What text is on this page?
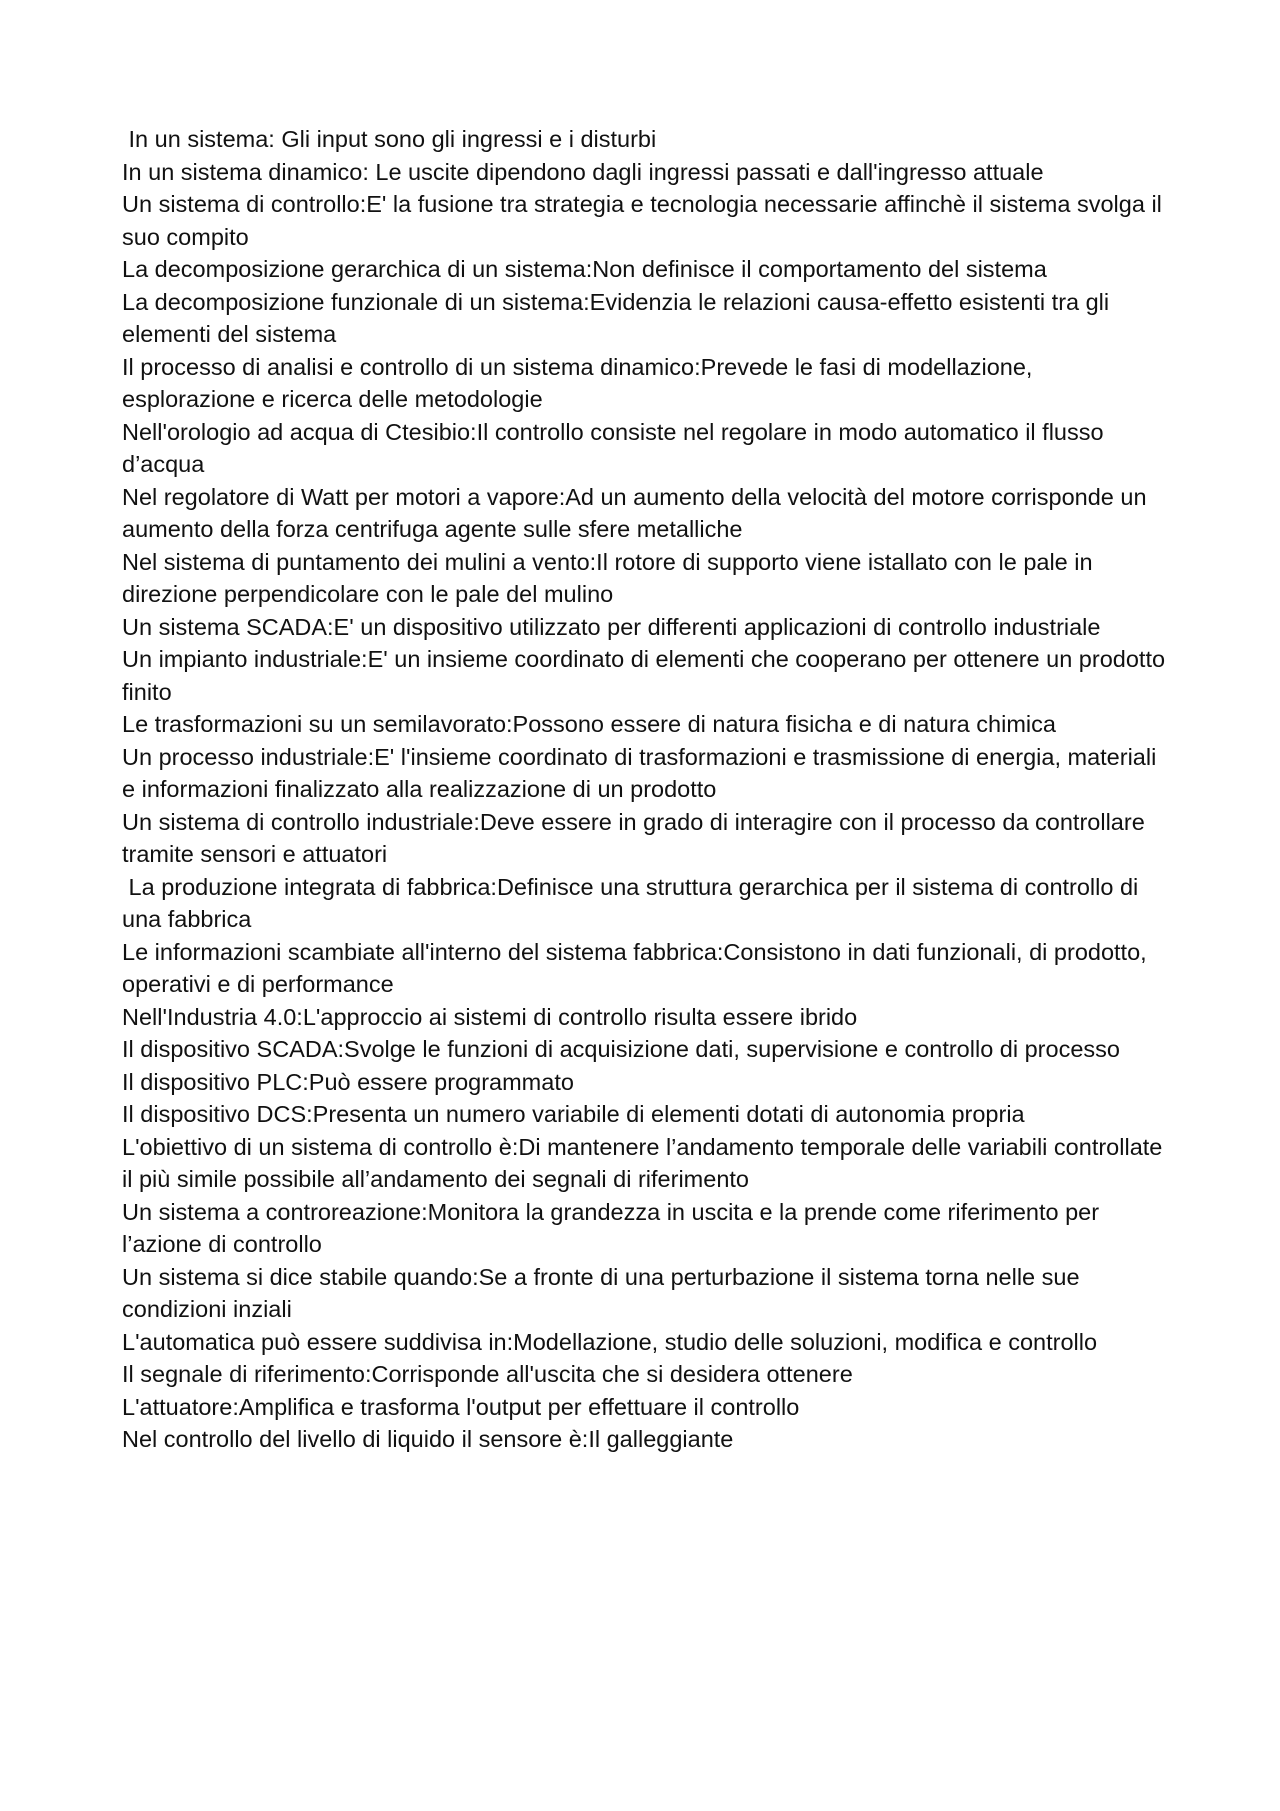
In un sistema: Gli input sono gli ingressi e i disturbi

In un sistema dinamico: Le uscite dipendono dagli ingressi passati e dall'ingresso attuale

Un sistema di controllo:E' la fusione tra strategia e tecnologia necessarie affinchè il sistema svolga il suo compito

La decomposizione gerarchica di un sistema:Non definisce il comportamento del sistema

La decomposizione funzionale di un sistema:Evidenzia le relazioni causa-effetto esistenti tra gli elementi del sistema

Il processo di analisi e controllo di un sistema dinamico:Prevede le fasi di modellazione, esplorazione e ricerca delle metodologie

Nell'orologio ad acqua di Ctesibio:Il controllo consiste nel regolare in modo automatico il flusso d’acqua

Nel regolatore di Watt per motori a vapore:Ad un aumento della velocità del motore corrisponde un aumento della forza centrifuga agente sulle sfere metalliche

Nel sistema di puntamento dei mulini a vento:Il rotore di supporto viene istallato con le pale in direzione perpendicolare con le pale del mulino

Un sistema SCADA:E' un dispositivo utilizzato per differenti applicazioni di controllo industriale

Un impianto industriale:E' un insieme coordinato di elementi che cooperano per ottenere un prodotto finito

Le trasformazioni su un semilavorato:Possono essere di natura fisicha e di natura chimica

Un processo industriale:E' l'insieme coordinato di trasformazioni e trasmissione di energia, materiali e informazioni finalizzato alla realizzazione di un prodotto

Un sistema di controllo industriale:Deve essere in grado di interagire con il processo da controllare tramite sensori e attuatori

La produzione integrata di fabbrica:Definisce una struttura gerarchica per il sistema di controllo di una fabbrica

Le informazioni scambiate all'interno del sistema fabbrica:Consistono in dati funzionali, di prodotto, operativi e di performance

Nell'Industria 4.0:L'approccio ai sistemi di controllo risulta essere ibrido

Il dispositivo SCADA:Svolge le funzioni di acquisizione dati, supervisione e controllo di processo

Il dispositivo PLC:Può essere programmato

Il dispositivo DCS:Presenta un numero variabile di elementi dotati di autonomia propria

L'obiettivo di un sistema di controllo è:Di mantenere l’andamento temporale delle variabili controllate il più simile possibile all’andamento dei segnali di riferimento

Un sistema a controreazione:Monitora la grandezza in uscita e la prende come riferimento per l’azione di controllo

Un sistema si dice stabile quando:Se a fronte di una perturbazione il sistema torna nelle sue condizioni inziali

L'automatica può essere suddivisa in:Modellazione, studio delle soluzioni, modifica e controllo

Il segnale di riferimento:Corrisponde all'uscita che si desidera ottenere

L'attuatore:Amplifica e trasforma l'output per effettuare il controllo

Nel controllo del livello di liquido il sensore è:Il galleggiante
